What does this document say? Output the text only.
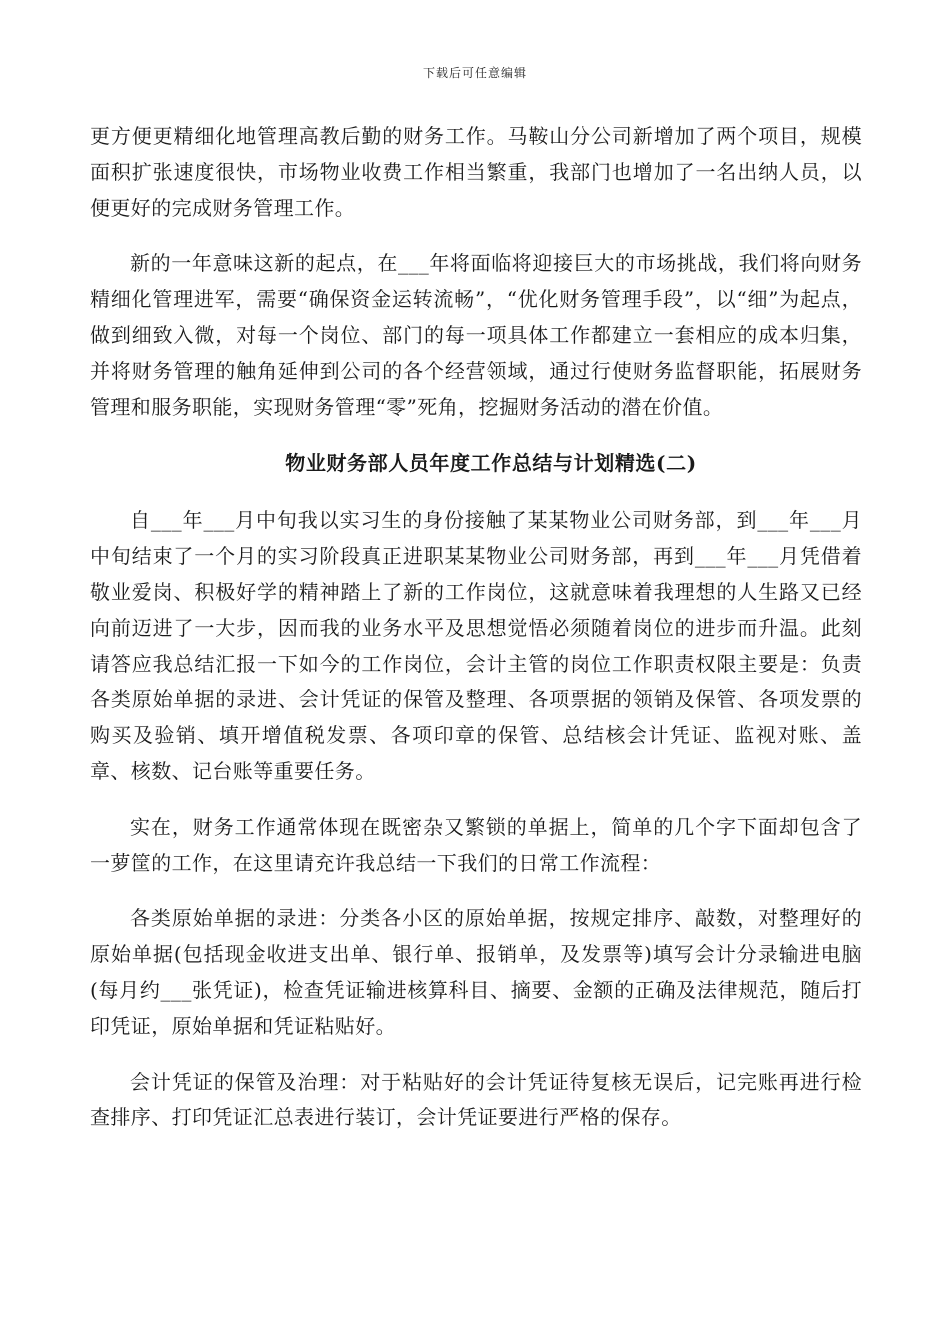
下载后可任意编辑

更方便更精细化地管理高教后勤的财务工作。马鞍山分公司新增加了两个项目，规模面积扩张速度很快，市场物业收费工作相当繁重，我部门也增加了一名出纳人员，以便更好的完成财务管理工作。

新的一年意味这新的起点，在___年将面临将迎接巨大的市场挑战，我们将向财务精细化管理进军，需要“确保资金运转流畅”，“优化财务管理手段”，以“细”为起点，做到细致入微，对每一个岗位、部门的每一项具体工作都建立一套相应的成本归集，并将财务管理的触角延伸到公司的各个经营领域，通过行使财务监督职能，拓展财务管理和服务职能，实现财务管理“零”死角，挖掘财务活动的潜在价值。

物业财务部人员年度工作总结与计划精选(二)

自___年___月中旬我以实习生的身份接触了某某物业公司财务部，到___年___月中旬结束了一个月的实习阶段真正进职某某物业公司财务部，再到___年___月凭借着敬业爱岗、积极好学的精神踏上了新的工作岗位，这就意味着我理想的人生路又已经向前迈进了一大步，因而我的业务水平及思想觉悟必须随着岗位的进步而升温。此刻请答应我总结汇报一下如今的工作岗位，会计主管的岗位工作职责权限主要是：负责各类原始单据的录进、会计凭证的保管及整理、各项票据的领销及保管、各项发票的购买及验销、填开增值税发票、各项印章的保管、总结核会计凭证、监视对账、盖章、核数、记台账等重要任务。

实在，财务工作通常体现在既密杂又繁锁的单据上，简单的几个字下面却包含了一萝筐的工作，在这里请充许我总结一下我们的日常工作流程：

各类原始单据的录进：分类各小区的原始单据，按规定排序、敲数，对整理好的原始单据(包括现金收进支出单、银行单、报销单，及发票等)填写会计分录输进电脑(每月约___张凭证)，检查凭证输进核算科目、摘要、金额的正确及法律规范，随后打印凭证，原始单据和凭证粘贴好。

会计凭证的保管及治理：对于粘贴好的会计凭证待复核无误后，记完账再进行检查排序、打印凭证汇总表进行装订，会计凭证要进行严格的保存。
